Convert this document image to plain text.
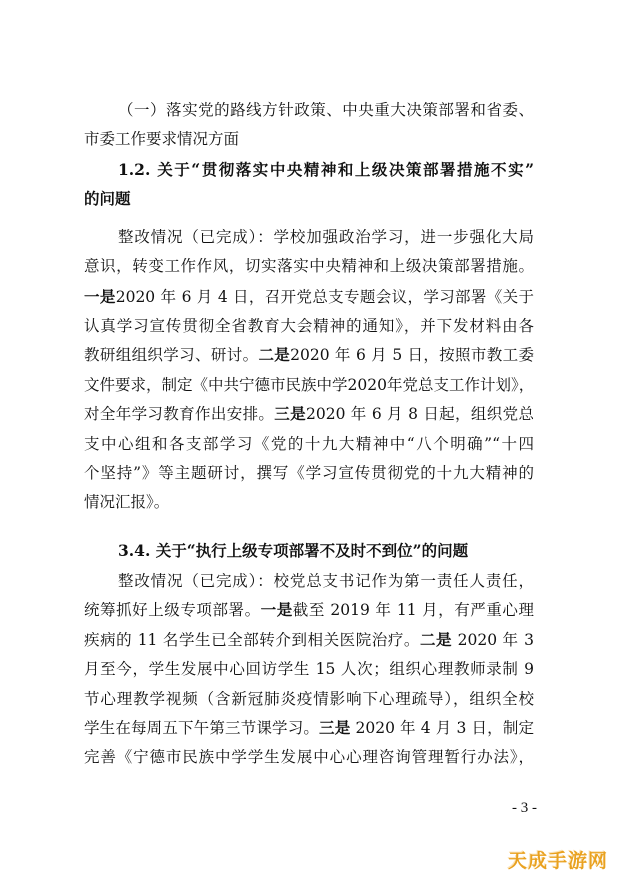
（一）落实党的路线方针政策、中央重大决策部署和省委、
市委工作要求情况方面
1.2. 关于“贯彻落实中央精神和上级决策部署措施不实”
的问题
整改情况（已完成）：学校加强政治学习，进一步强化大局
意识，转变工作作风，切实落实中央精神和上级决策部署措施。
一是2020 年 6 月 4 日，召开党总支专题会议，学习部署《关于
认真学习宣传贯彻全省教育大会精神的通知》，并下发材料由各
教研组组织学习、研讨。二是2020 年 6 月 5 日，按照市教工委
文件要求，制定《中共宁德市民族中学2020年党总支工作计划》，
对全年学习教育作出安排。三是2020 年 6 月 8 日起，组织党总
支中心组和各支部学习《党的十九大精神中“八个明确”“十四
个坚持”》等主题研讨，撰写《学习宣传贯彻党的十九大精神的
情况汇报》。
3.4. 关于“执行上级专项部署不及时不到位”的问题
整改情况（已完成）：校党总支书记作为第一责任人责任，
统筹抓好上级专项部署。一是截至 2019 年 11 月，有严重心理
疾病的 11 名学生已全部转介到相关医院治疗。二是 2020 年 3
月至今，学生发展中心回访学生 15 人次；组织心理教师录制 9
节心理教学视频（含新冠肺炎疫情影响下心理疏导），组织全校
学生在每周五下午第三节课学习。三是 2020 年 4 月 3 日，制定
完善《宁德市民族中学学生发展中心心理咨询管理暂行办法》，
- 3 -
天成手游网
